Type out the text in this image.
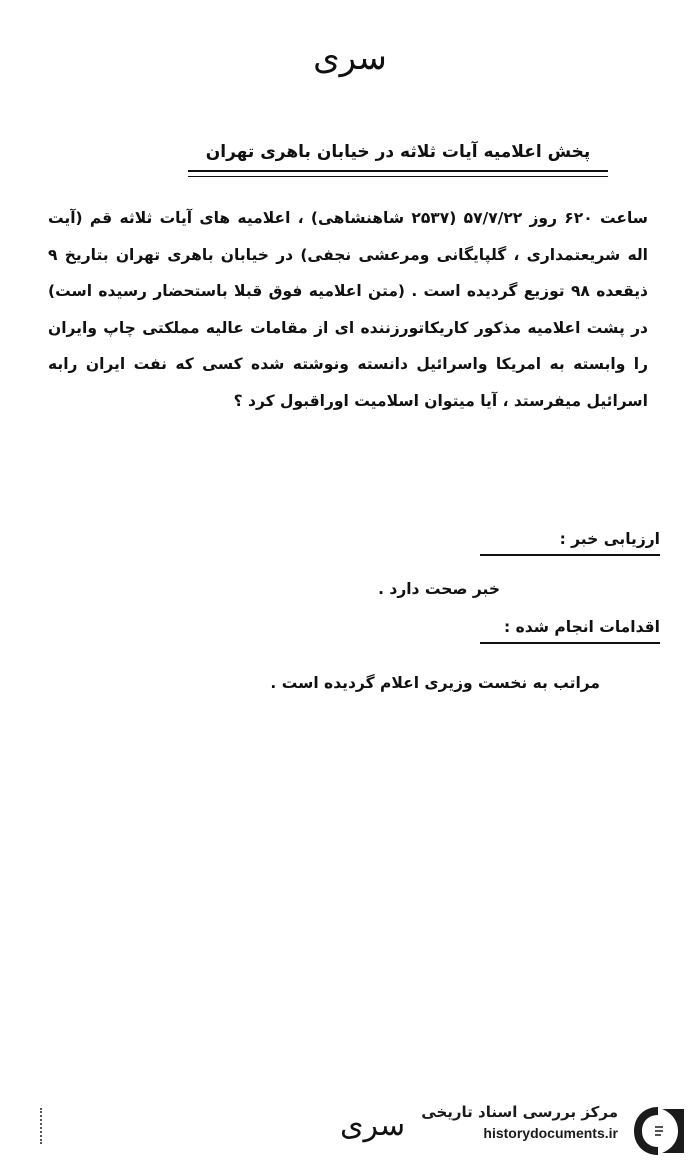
سری
پخش اعلامیه آیات ثلاثه در خیابان باهری تهران
ساعت ۶۲۰ روز ۵۷/۷/۲۲ (۲۵۳۷ شاهنشاهی) ، اعلامیه های آیات ثلاثه قم (آیت اله شریعتمداری ، گلپایگانی ومرعشی نجفی) در خیابان باهری تهران بتاریخ ۹ ذیقعده ۹۸ توزیع گردیده است . (متن اعلامیه فوق قبلا باستحضار رسیده است) در پشت اعلامیه مذکور کاریکاتورزننده ای از مقامات عالیه مملکتی چاپ وایران را وابسته به امریکا واسرائیل دانسته ونوشته شده کسی که نفت ایران رابه اسرائیل میفرستد ، آیا میتوان اسلامیت اوراقبول کرد ؟
ارزیابی خبر :
خبر صحت دارد .
اقدامات انجام شده :
مراتب به نخست وزیری اعلام گردیده است .
سری مرکز بررسی اسناد تاریخی
historydocuments.ir
